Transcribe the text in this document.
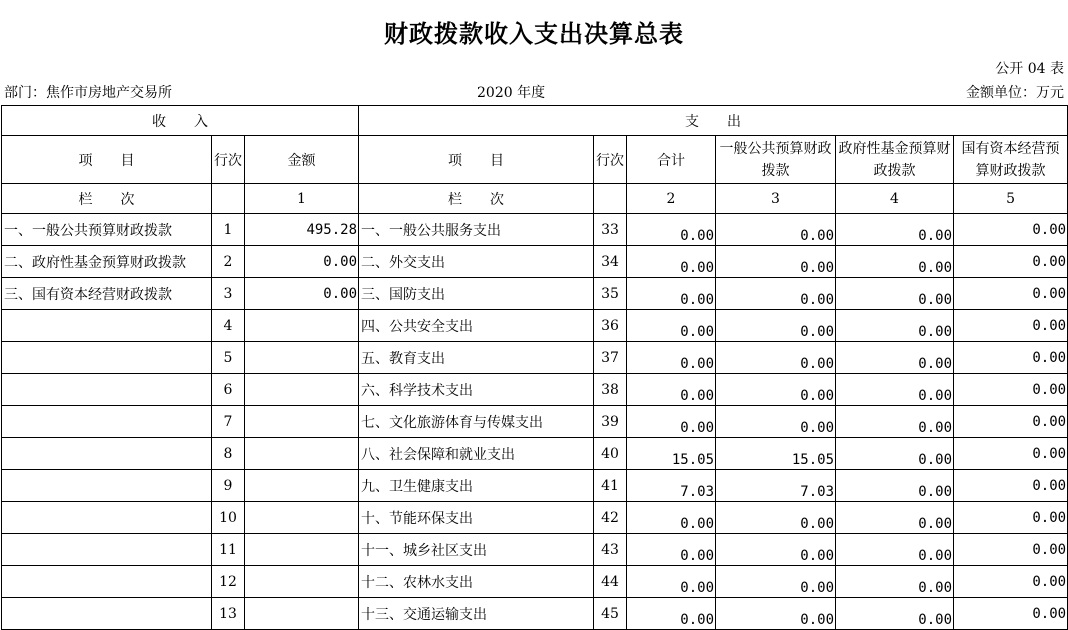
财政拨款收入支出决算总表
公开 04 表
部门：焦作市房地产交易所	2020 年度	金额单位：万元
收　　入			支　　出					
项　　目	行次	金额	项　　目	行次	合计	一般公共预算财政拨款	政府性基金预算财政拨款	国有资本经营预算财政拨款
栏　　次		1	栏　　次		2	3	4	5
一、一般公共预算财政拨款	1	495.28	一、一般公共服务支出	33	0.00	0.00	0.00	0.00
二、政府性基金预算财政拨款	2	0.00	二、外交支出	34	0.00	0.00	0.00	0.00
三、国有资本经营财政拨款	3	0.00	三、国防支出	35	0.00	0.00	0.00	0.00
	4		四、公共安全支出	36	0.00	0.00	0.00	0.00
	5		五、教育支出	37	0.00	0.00	0.00	0.00
	6		六、科学技术支出	38	0.00	0.00	0.00	0.00
	7		七、文化旅游体育与传媒支出	39	0.00	0.00	0.00	0.00
	8		八、社会保障和就业支出	40	15.05	15.05	0.00	0.00
	9		九、卫生健康支出	41	7.03	7.03	0.00	0.00
	10		十、节能环保支出	42	0.00	0.00	0.00	0.00
	11		十一、城乡社区支出	43	0.00	0.00	0.00	0.00
	12		十二、农林水支出	44	0.00	0.00	0.00	0.00
	13		十三、交通运输支出	45	0.00	0.00	0.00	0.00
